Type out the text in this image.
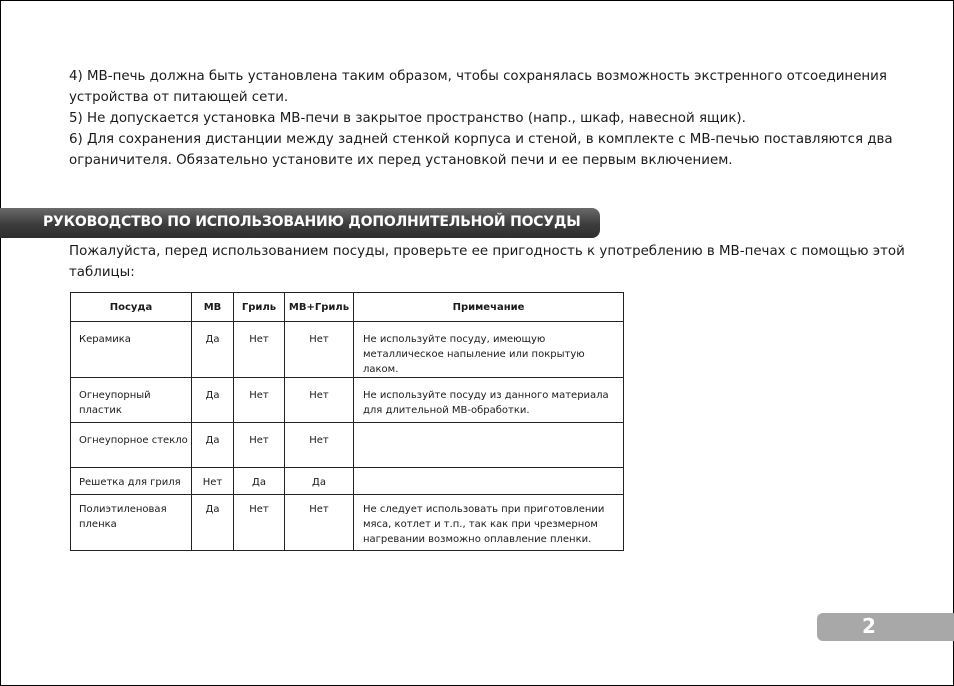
4) МВ-печь должна быть установлена таким образом, чтобы сохранялась возможность экстренного отсоединения устройства от питающей сети.

5) Не допускается установка МВ-печи в закрытое пространство (напр., шкаф, навесной ящик).

6) Для сохранения дистанции между задней стенкой корпуса и стеной, в комплекте с МВ-печью поставляются два ограничителя. Обязательно установите их перед установкой печи и ее первым включением.

РУКОВОДСТВО ПО ИСПОЛЬЗОВАНИЮ ДОПОЛНИТЕЛЬНОЙ ПОСУДЫ

Пожалуйста, перед использованием посуды, проверьте ее пригодность к употреблению в МВ-печах с помощью этой таблицы:

Посуда	МВ	Гриль	МВ+Гриль	Примечание
Керамика	Да	Нет	Нет	Не используйте посуду, имеющую металлическое напыление или покрытую лаком.
Огнеупорный пластик	Да	Нет	Нет	Не используйте посуду из данного материала для длительной МВ-обработки.
Огнеупорное стекло	Да	Нет	Нет	
Решетка для гриля	Нет	Да	Да	
Полиэтиленовая пленка	Да	Нет	Нет	Не следует использовать при приготовлении мяса, котлет и т.п., так как при чрезмерном нагревании возможно оплавление пленки.
2
